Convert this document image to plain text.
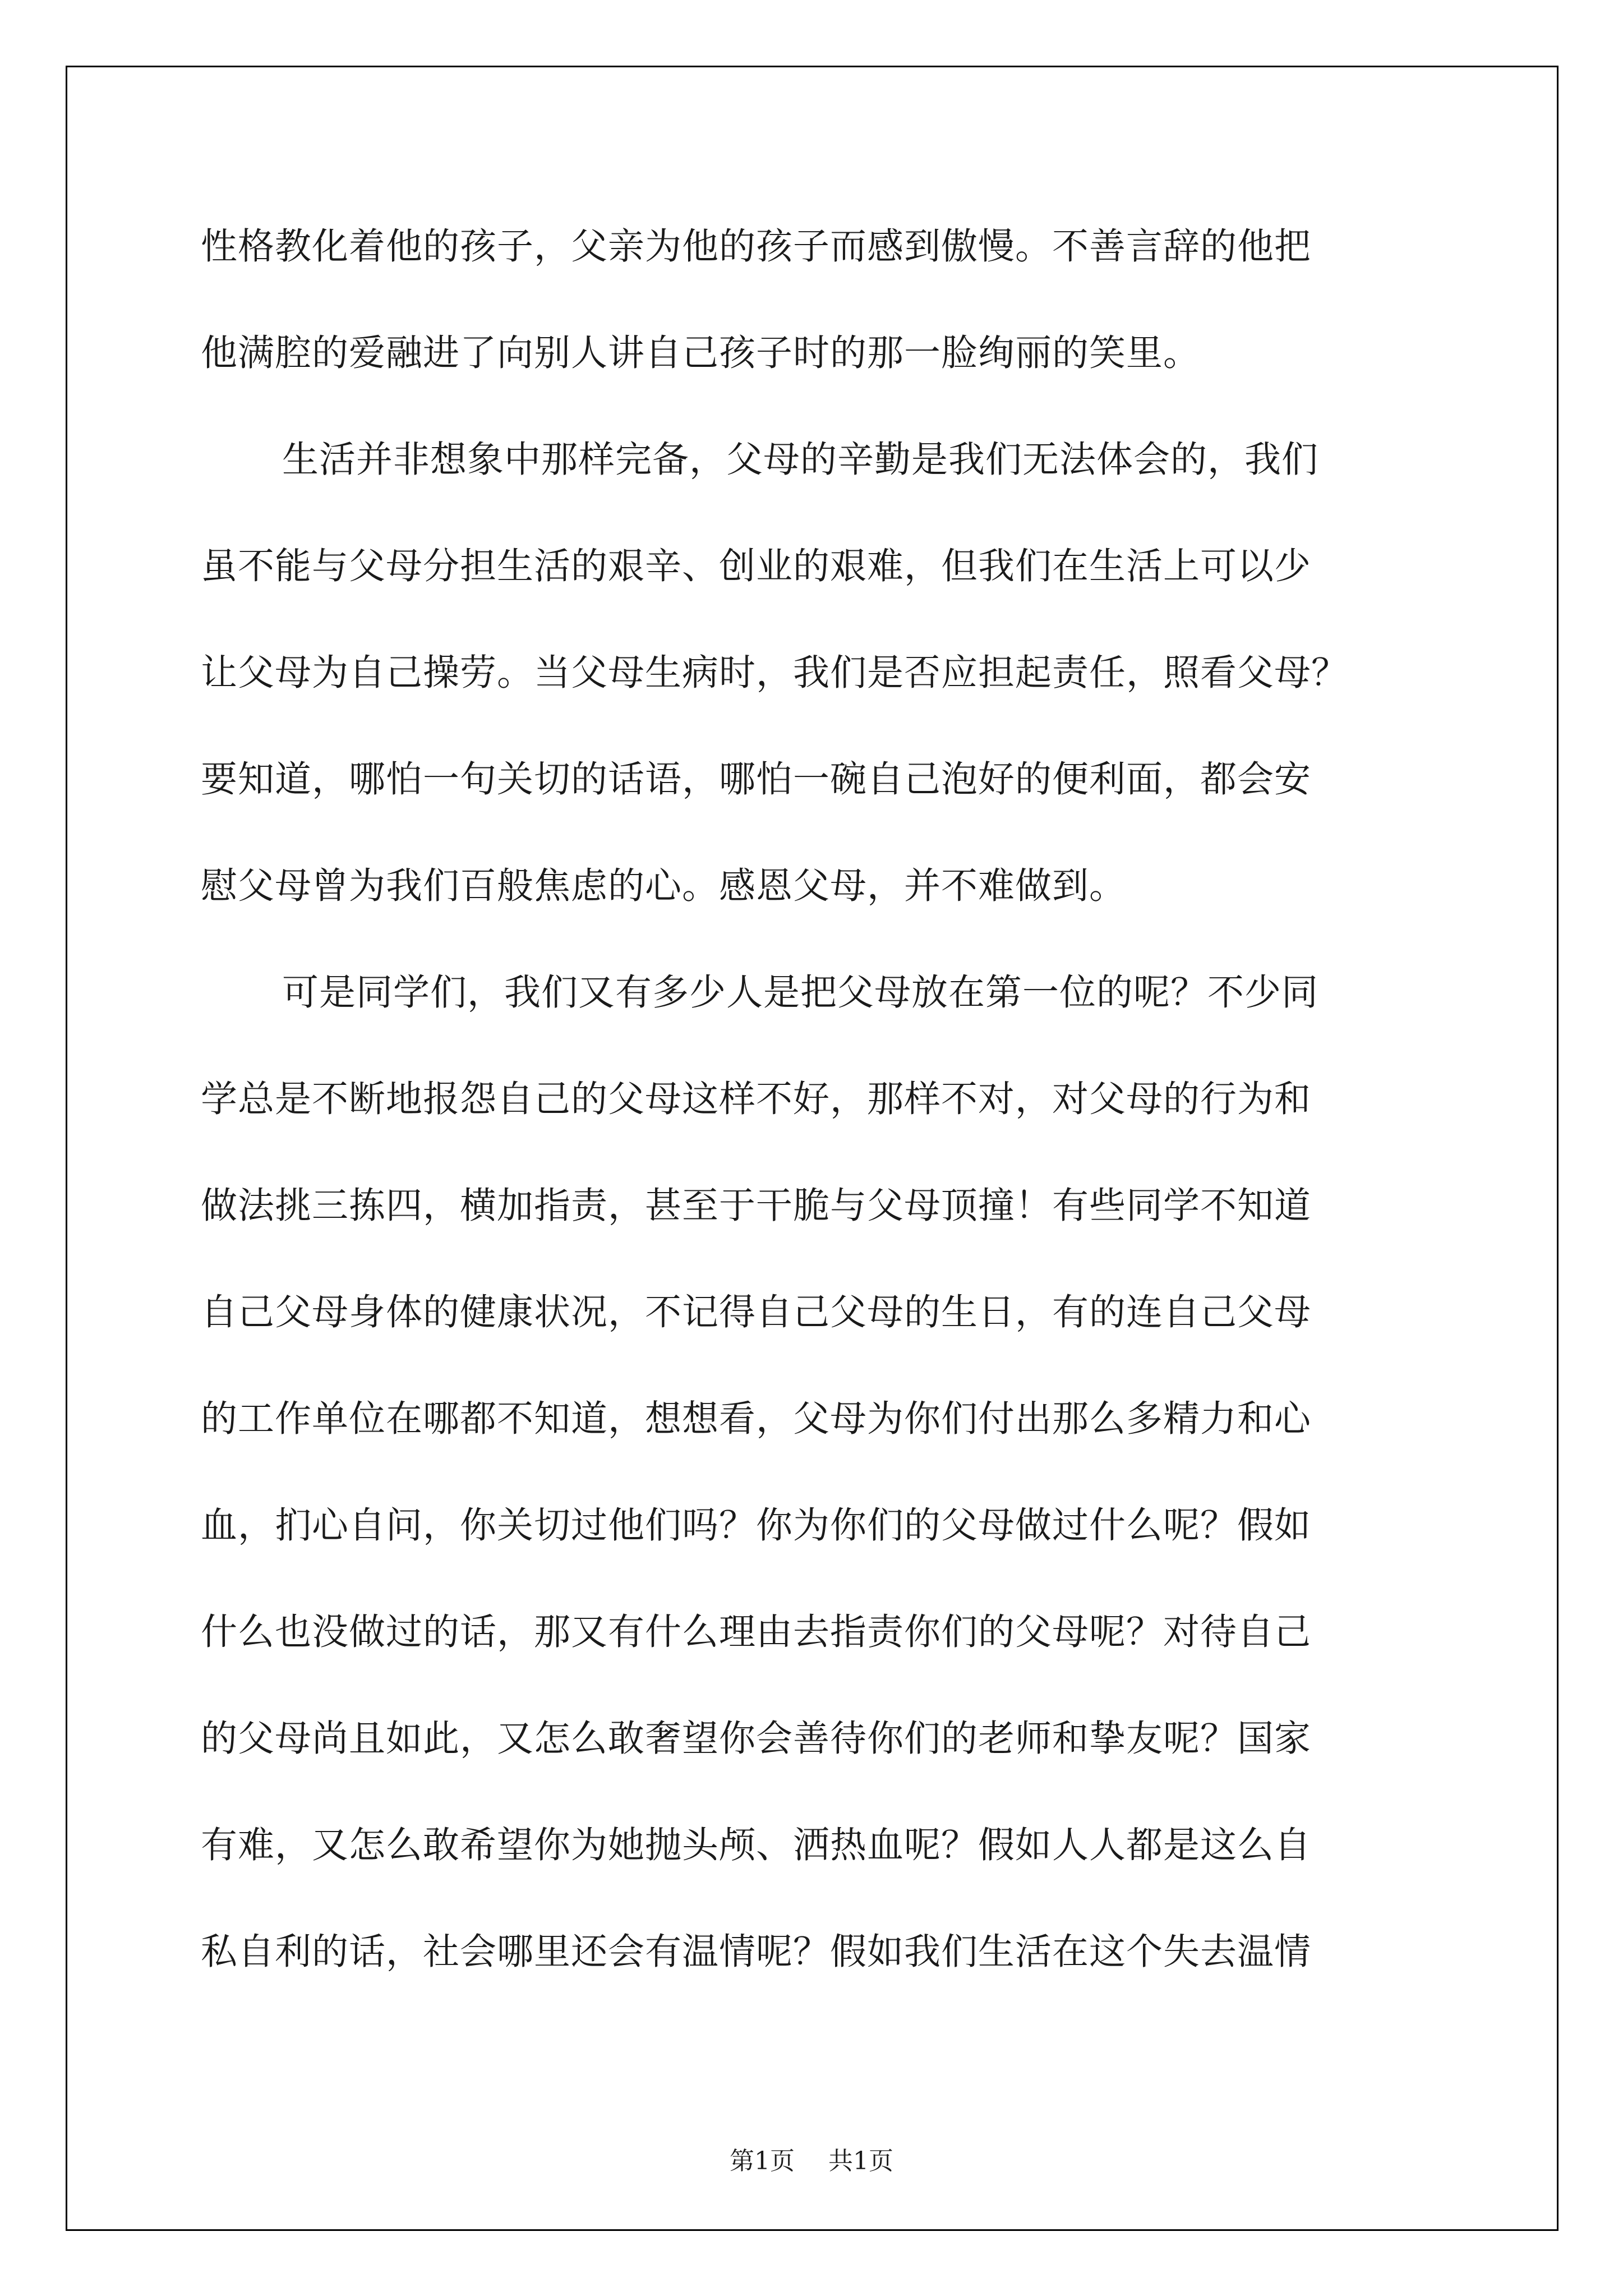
性格教化着他的孩子，父亲为他的孩子而感到傲慢。不善言辞的他把
他满腔的爱融进了向别人讲自己孩子时的那一脸绚丽的笑里。
生活并非想象中那样完备，父母的辛勤是我们无法体会的，我们
虽不能与父母分担生活的艰辛、创业的艰难，但我们在生活上可以少
让父母为自己操劳。当父母生病时，我们是否应担起责任，照看父母？
要知道，哪怕一句关切的话语，哪怕一碗自己泡好的便利面，都会安
慰父母曾为我们百般焦虑的心。感恩父母，并不难做到。
可是同学们，我们又有多少人是把父母放在第一位的呢？不少同
学总是不断地报怨自己的父母这样不好，那样不对，对父母的行为和
做法挑三拣四，横加指责，甚至于干脆与父母顶撞！有些同学不知道
自己父母身体的健康状况，不记得自己父母的生日，有的连自己父母
的工作单位在哪都不知道，想想看，父母为你们付出那么多精力和心
血，扪心自问，你关切过他们吗？你为你们的父母做过什么呢？假如
什么也没做过的话，那又有什么理由去指责你们的父母呢？对待自己
的父母尚且如此，又怎么敢奢望你会善待你们的老师和挚友呢？国家
有难，又怎么敢希望你为她抛头颅、洒热血呢？假如人人都是这么自
私自利的话，社会哪里还会有温情呢？假如我们生活在这个失去温情
第1页 共1页
